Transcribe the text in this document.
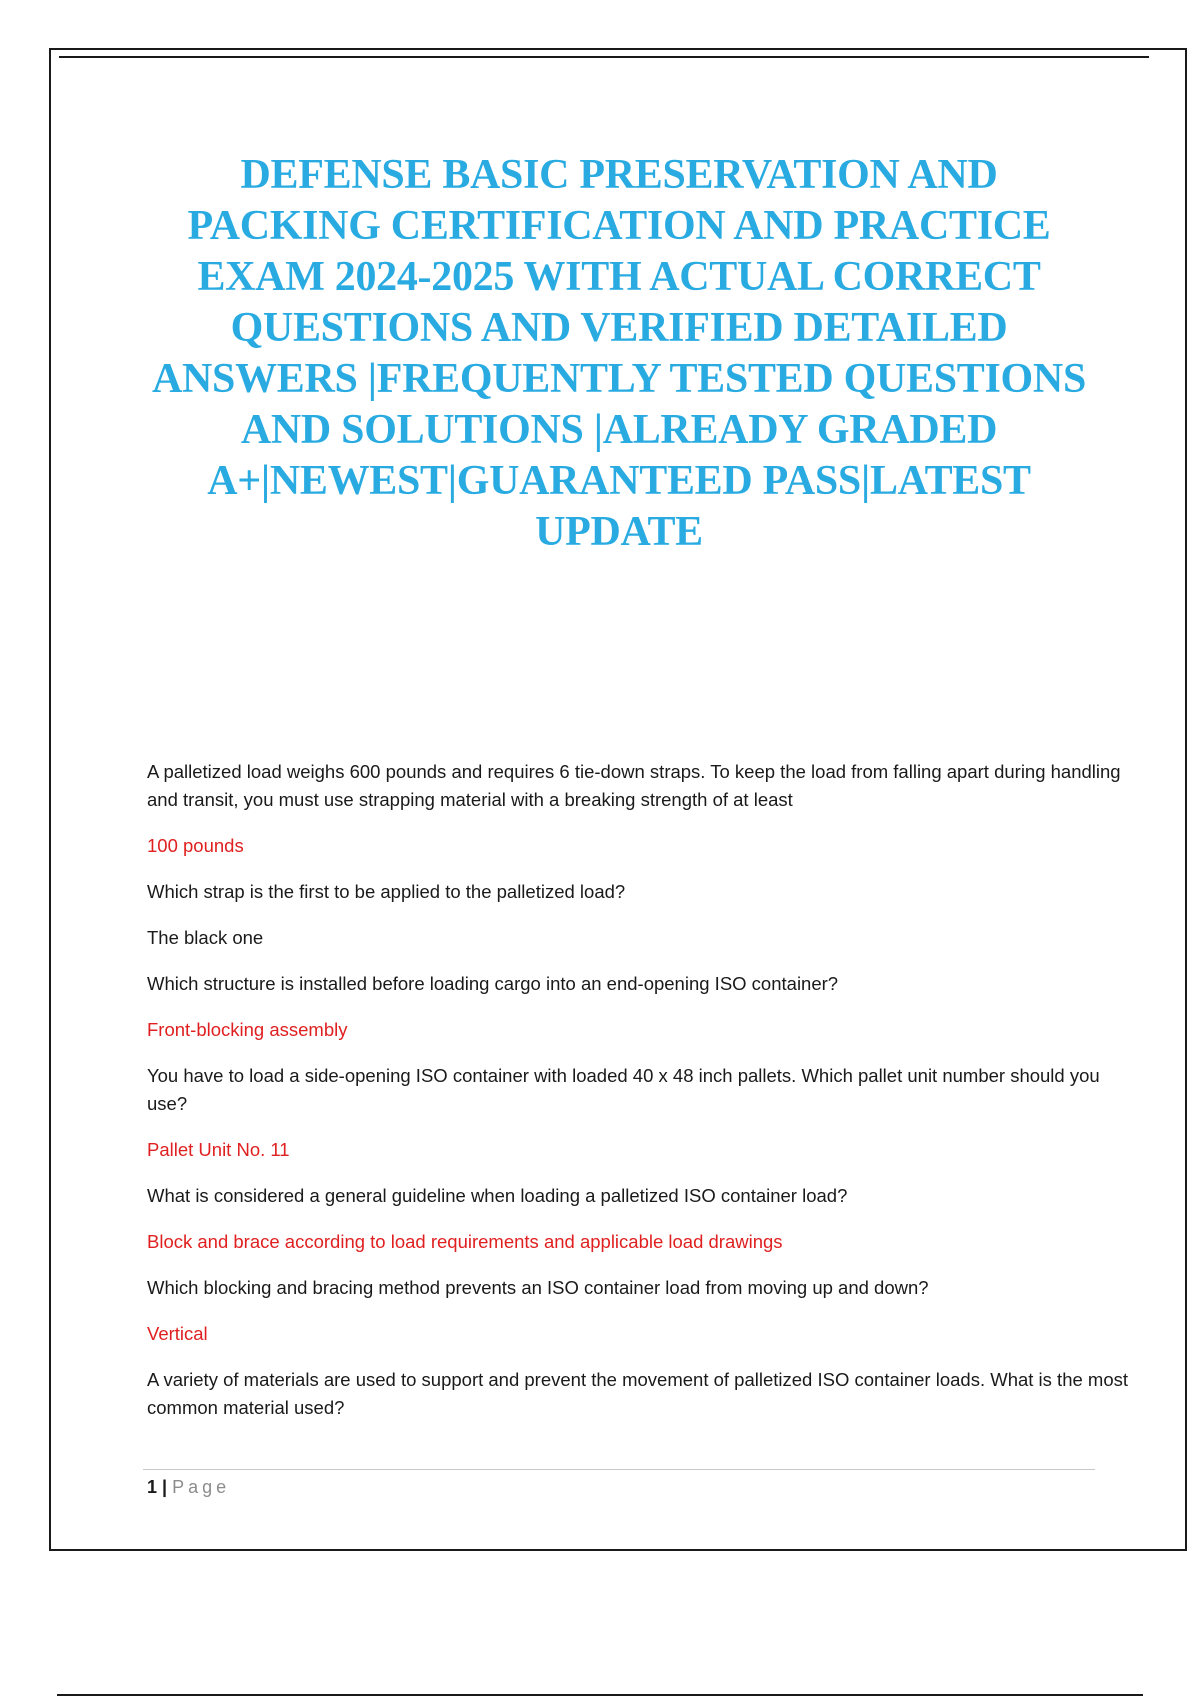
DEFENSE BASIC PRESERVATION AND PACKING CERTIFICATION AND PRACTICE EXAM 2024-2025 WITH ACTUAL CORRECT QUESTIONS AND VERIFIED DETAILED ANSWERS |FREQUENTLY TESTED QUESTIONS AND SOLUTIONS |ALREADY GRADED A+|NEWEST|GUARANTEED PASS|LATEST UPDATE

A palletized load weighs 600 pounds and requires 6 tie-down straps. To keep the load from falling apart during handling and transit, you must use strapping material with a breaking strength of at least

100 pounds

Which strap is the first to be applied to the palletized load?

The black one

Which structure is installed before loading cargo into an end-opening ISO container?

Front-blocking assembly

You have to load a side-opening ISO container with loaded 40 x 48 inch pallets. Which pallet unit number should you use?

Pallet Unit No. 11

What is considered a general guideline when loading a palletized ISO container load?

Block and brace according to load requirements and applicable load drawings

Which blocking and bracing method prevents an ISO container load from moving up and down?

Vertical

A variety of materials are used to support and prevent the movement of palletized ISO container loads. What is the most common material used?

1 | Page
